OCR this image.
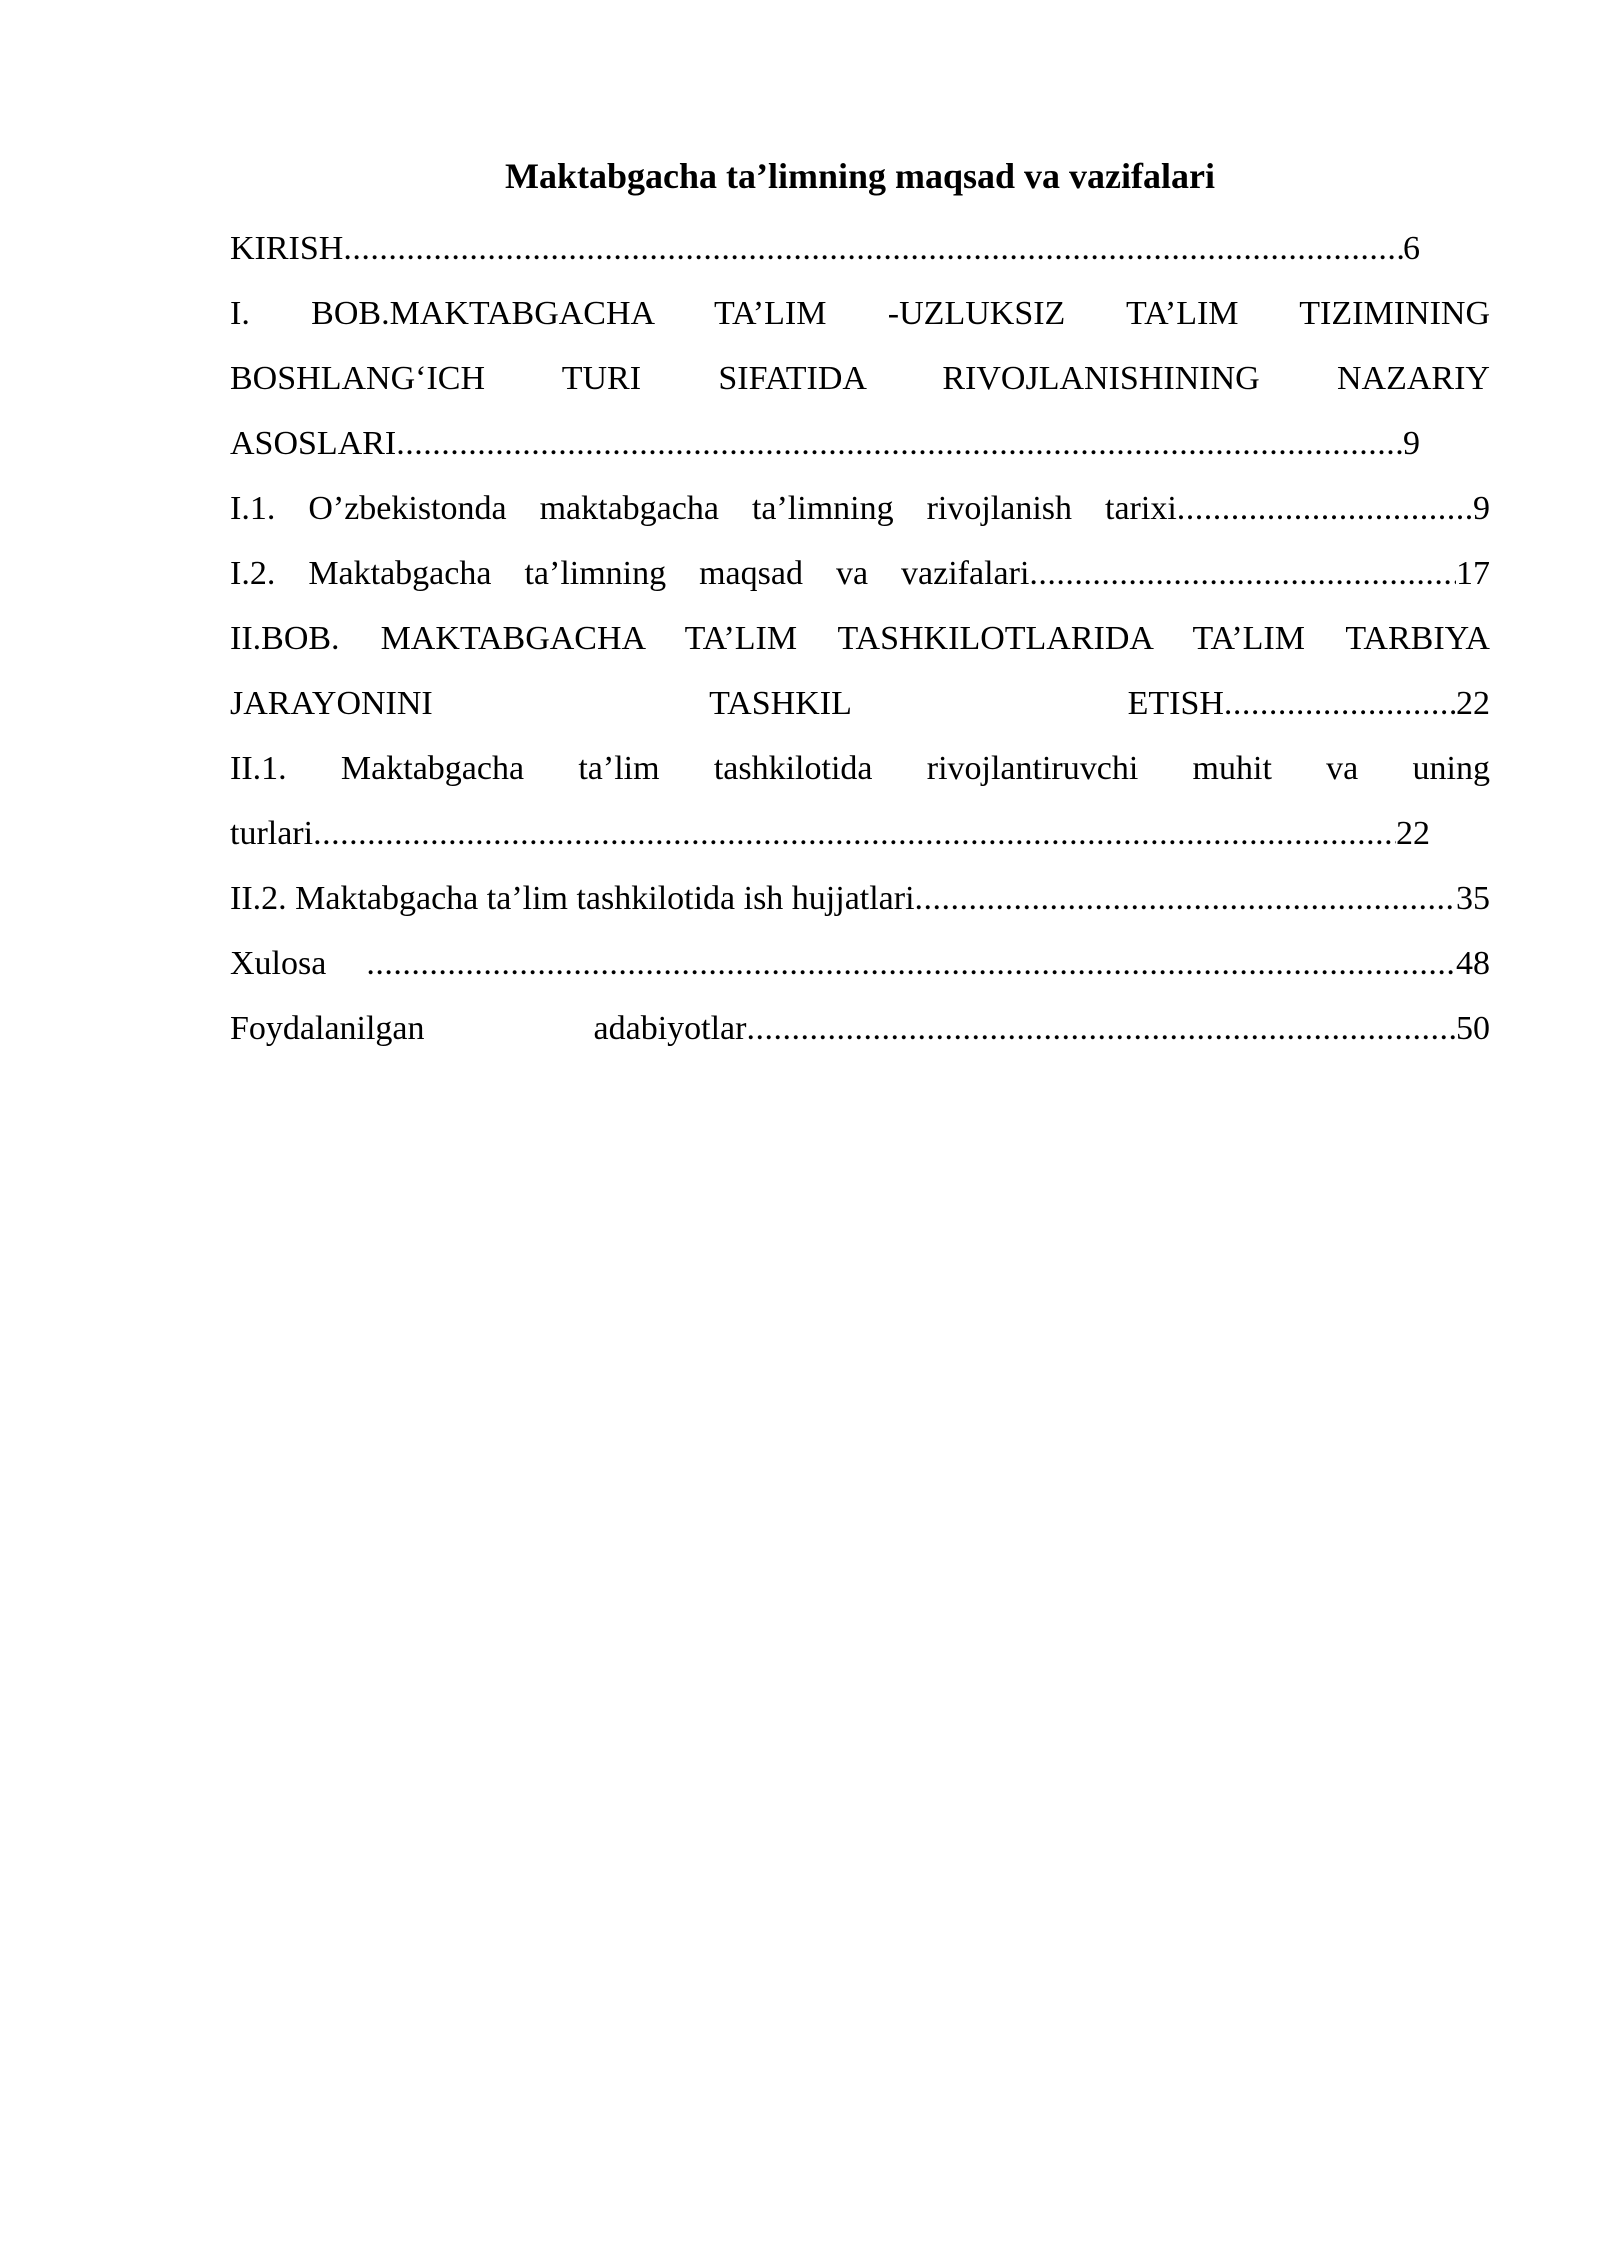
Maktabgacha ta’limning maqsad va vazifalari
KIRISH .....	6
I. BOB.MAKTABGACHA TA’LIM -UZLUKSIZ TA’LIM TIZIMINING
BOSHLANG‘ICH TURI SIFATIDA RIVOJLANISHINING NAZARIY
ASOSLARI .....	9
I.1.  O’zbekistonda  maktabgacha  ta’limning  rivojlanish  tarixi .....	9
I.2.  Maktabgacha  ta’limning  maqsad  va  vazifalari .....	17
II.BOB. MAKTABGACHA TA’LIM TASHKILOTLARIDA TA’LIM TARBIYA
JARAYONINI  TASHKIL  ETISH .....	22
II.1. Maktabgacha ta’lim tashkilotida rivojlantiruvchi muhit va uning
turlari .....	22
II.2. Maktabgacha ta’lim tashkilotida ish hujjatlari .....	35
Xulosa .....	48
Foydalanilgan  adabiyotlar .....	50
